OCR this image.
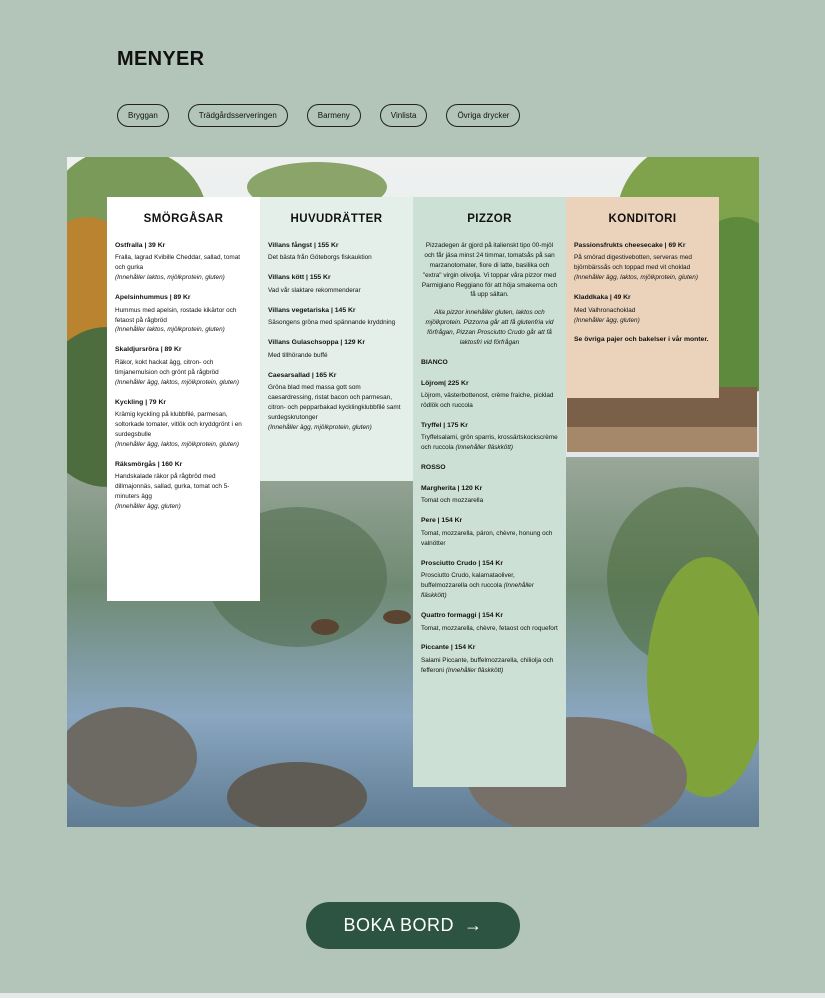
MENYER
Bryggan	Trädgårdsserveringen	Barmeny	Vinlista	Övriga drycker
SMÖRGÅSAR
Ostfralla | 39 Kr
Fralla, lagrad Kvibille Cheddar, sallad, tomat och gurka
(Innehåller laktos, mjölkprotein, gluten)
Apelsinhummus | 89 Kr
Hummus med apelsin, rostade kikärtor och fetaost på rågbröd
(Innehåller laktos, mjölkprotein, gluten)
Skaldjursröra | 89 Kr
Räkor, kokt hackat ägg, citron- och timjanemulsion och grönt på rågbröd
(Innehåller ägg, laktos, mjölkprotein, gluten)
Kyckling | 79 Kr
Krämig kyckling på klubbfilé, parmesan, soltorkade tomater, vitlök och kryddgrönt i en surdegsbulle
(Innehåller ägg, laktos, mjölkprotein, gluten)
Räksmörgås | 160 Kr
Handskalade räkor på rågbröd med dillmajonnäs, sallad, gurka, tomat och 5-minuters ägg
(Innehåller ägg, gluten)
HUVUDRÄTTER
Villans fångst | 155 Kr
Det bästa från Göteborgs fiskauktion
Villans kött | 155 Kr
Vad vår slaktare rekommenderar
Villans vegetariska | 145 Kr
Säsongens gröna med spännande kryddning
Villans Gulaschsoppa | 129 Kr
Med tillhörande buffé
Caesarsallad | 165 Kr
Gröna blad med massa gott som caesardressing, ristat bacon och parmesan, citron- och pepparbakad kycklingklubbfilé samt surdegskrutonger
(Innehåller ägg, mjölkprotein, gluten)
PIZZOR
Pizzadegen är gjord på italienskt tipo 00-mjöl och får jäsa minst 24 timmar, tomatsås på san marzanotomater, fiore di latte, basilika och "extra" virgin olivolja. Vi toppar våra pizzor med Parmigiano Reggiano för att höja smakerna och få upp sältan.
Alla pizzor innehåller gluten, laktos och mjölkprotein. Pizzorna går att få glutenfria vid förfrågan, Pizzan Prosciutto Crudo går att få laktosfri vid förfrågan
BIANCO
Löjrom| 225 Kr
Löjrom, västerbottenost, crème fraiche, picklad rödlök och ruccola
Tryffel | 175 Kr
Tryffelsalami, grön sparris, krossärtskockscrème och ruccola (Innehåller fläskkött)
ROSSO
Margherita | 120 Kr
Tomat och mozzarella
Pere | 154 Kr
Tomat, mozzarella, päron, chèvre, honung och valnötter
Prosciutto Crudo | 154 Kr
Prosciutto Crudo, kalamataoliver, buffelmozzarella och ruccola (Innehåller fläskkött)
Quattro formaggi | 154 Kr
Tomat, mozzarella, chèvre, fetaost och roquefort
Piccante | 154 Kr
Salami Piccante, buffelmozzarella, chiliolja och fefferoni (Innehåller fläskkött)
KONDITORI
Passionsfrukts cheesecake | 69 Kr
På smörad digestivebotten, serveras med björnbärssås och toppad med vit choklad
(Innehåller ägg, laktos, mjölkprotein, gluten)
Kladdkaka | 49 Kr
Med Valhronachoklad
(Innehåller ägg, gluten)
Se övriga pajer och bakelser i vår monter.
BOKA BORD →
